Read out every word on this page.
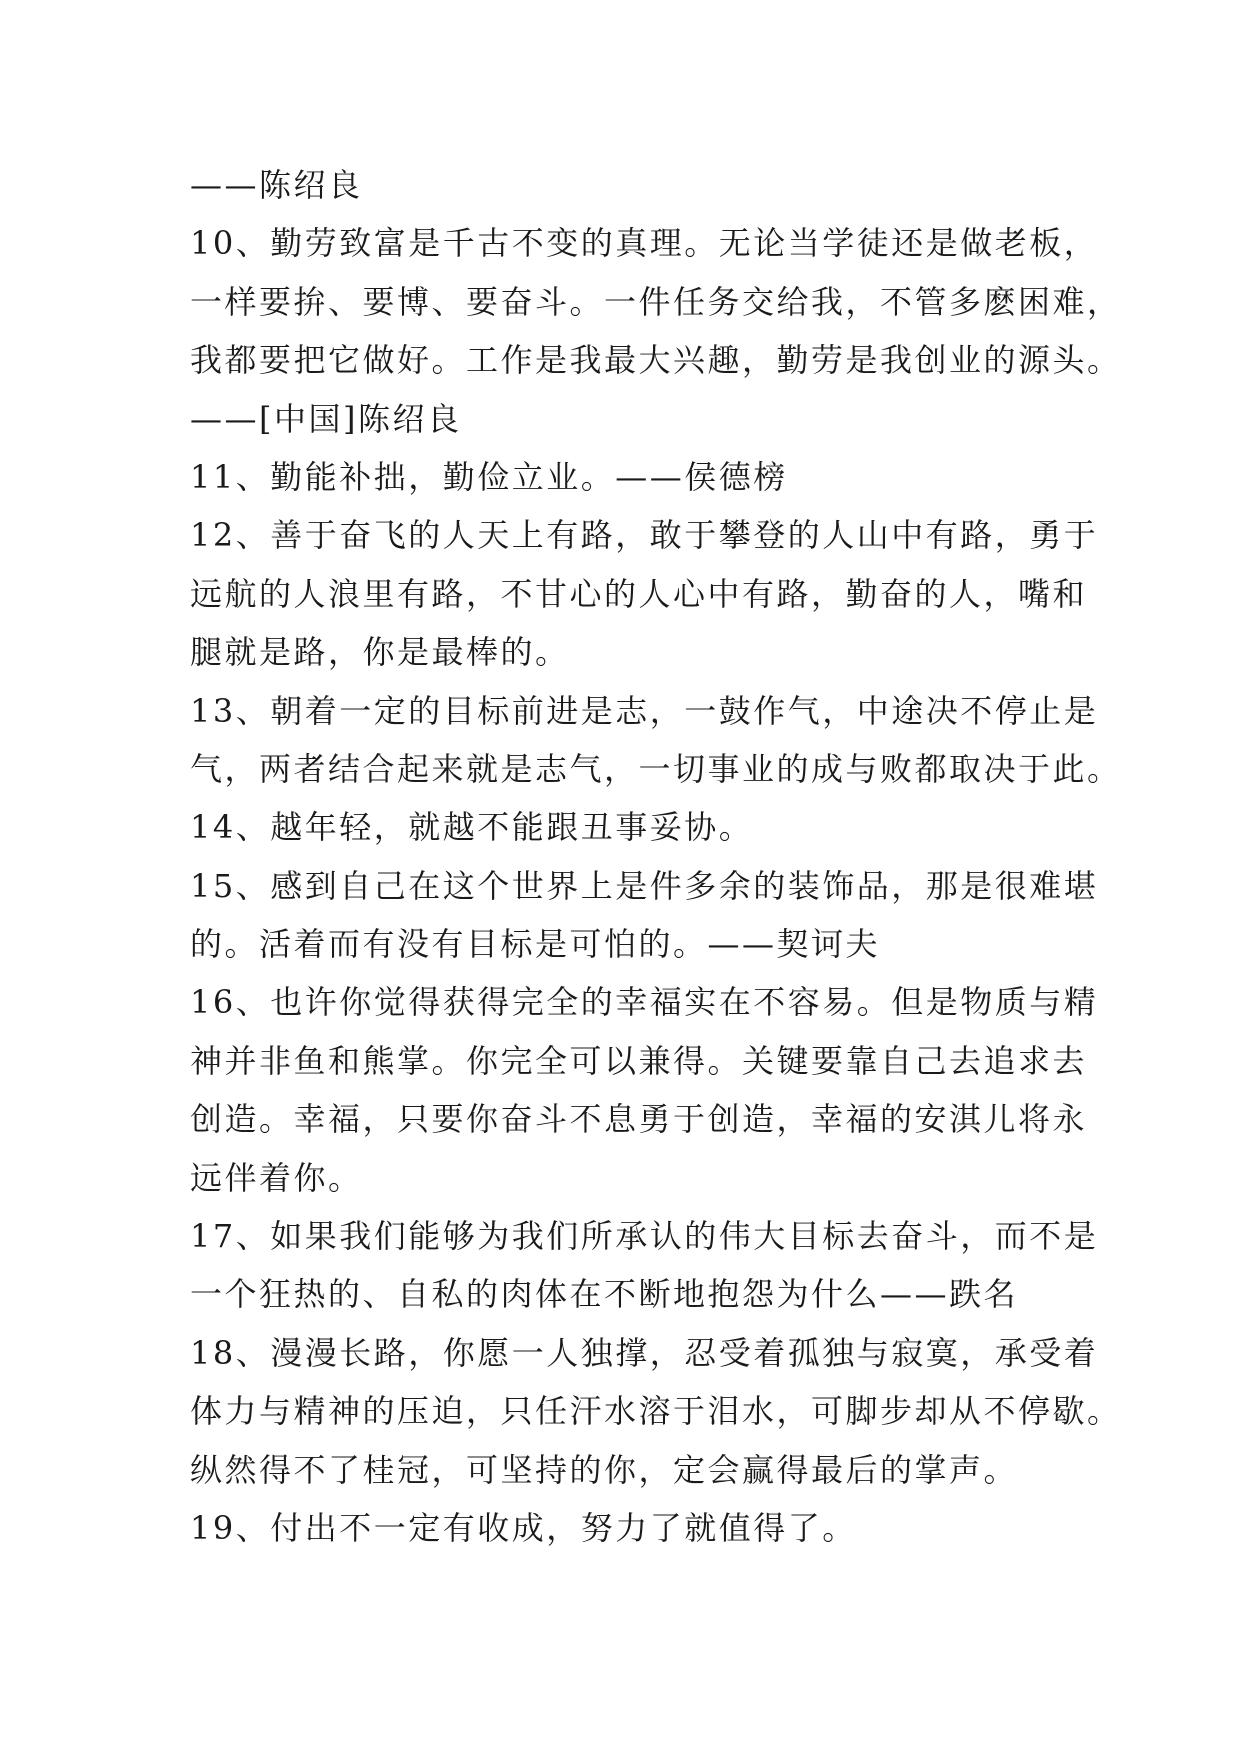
——陈绍良
10、勤劳致富是千古不变的真理。无论当学徒还是做老板，
一样要拚、要博、要奋斗。一件任务交给我，不管多麽困难，
我都要把它做好。工作是我最大兴趣，勤劳是我创业的源头。
——[中国]陈绍良
11、勤能补拙，勤俭立业。——侯德榜
12、善于奋飞的人天上有路，敢于攀登的人山中有路，勇于
远航的人浪里有路，不甘心的人心中有路，勤奋的人，嘴和
腿就是路，你是最棒的。
13、朝着一定的目标前进是志，一鼓作气，中途决不停止是
气，两者结合起来就是志气，一切事业的成与败都取决于此。
14、越年轻，就越不能跟丑事妥协。
15、感到自己在这个世界上是件多余的装饰品，那是很难堪
的。活着而有没有目标是可怕的。——契诃夫
16、也许你觉得获得完全的幸福实在不容易。但是物质与精
神并非鱼和熊掌。你完全可以兼得。关键要靠自己去追求去
创造。幸福，只要你奋斗不息勇于创造，幸福的安淇儿将永
远伴着你。
17、如果我们能够为我们所承认的伟大目标去奋斗，而不是
一个狂热的、自私的肉体在不断地抱怨为什么——跌名
18、漫漫长路，你愿一人独撑，忍受着孤独与寂寞，承受着
体力与精神的压迫，只任汗水溶于泪水，可脚步却从不停歇。
纵然得不了桂冠，可坚持的你，定会赢得最后的掌声。
19、付出不一定有收成，努力了就值得了。
